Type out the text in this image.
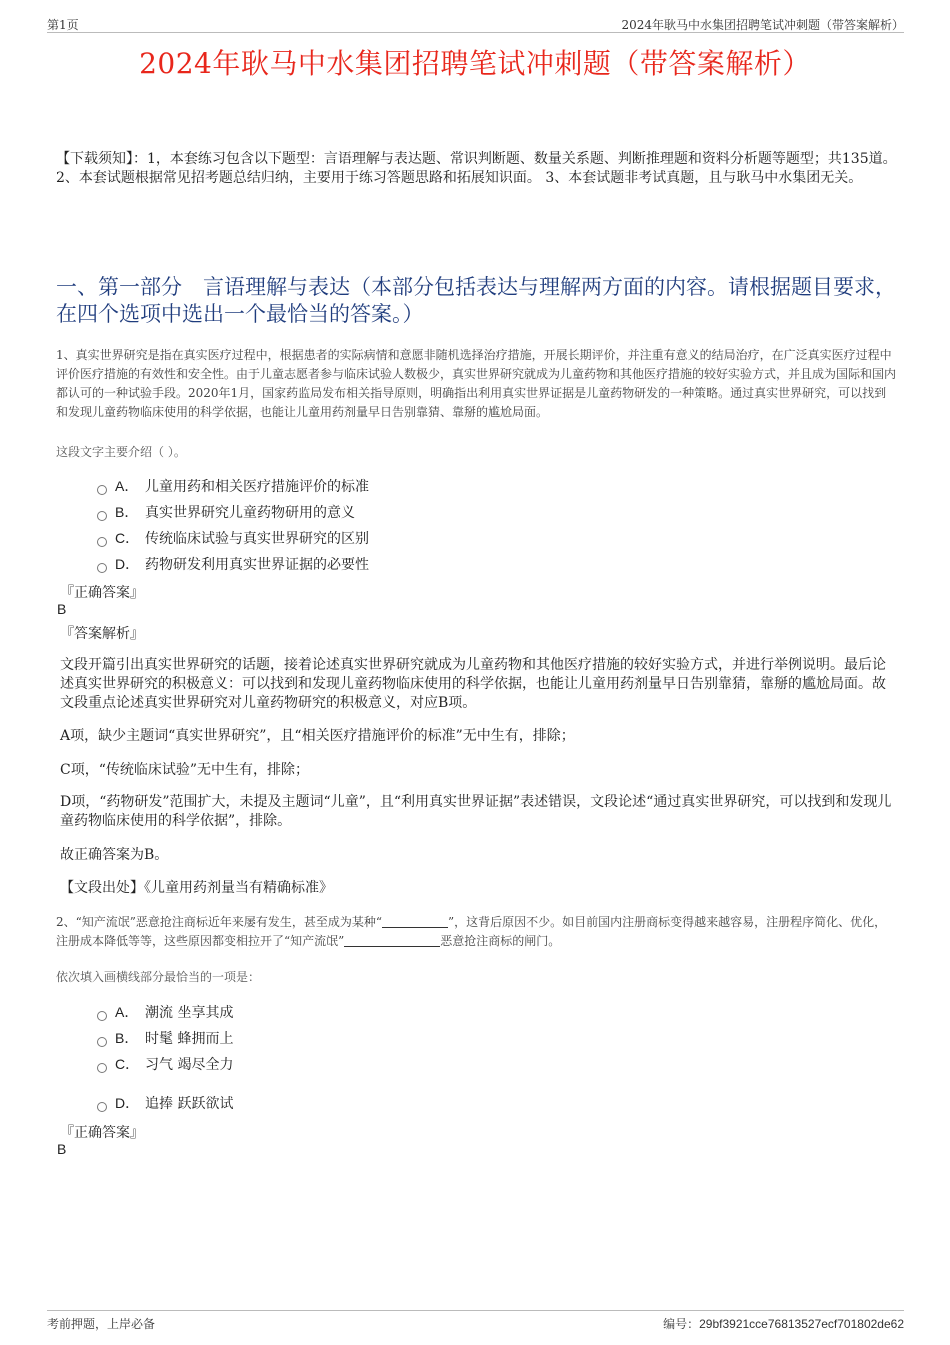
第1页	2024年耿马中水集团招聘笔试冲刺题（带答案解析）
2024年耿马中水集团招聘笔试冲刺题（带答案解析）
【下载须知】：1，本套练习包含以下题型：言语理解与表达题、常识判断题、数量关系题、判断推理题和资料分析题等题型；共135道。 2、本套试题根据常见招考题总结归纳，主要用于练习答题思路和拓展知识面。 3、本套试题非考试真题，且与耿马中水集团无关。
一、第一部分　言语理解与表达（本部分包括表达与理解两方面的内容。请根据题目要求，在四个选项中选出一个最恰当的答案。）
1、真实世界研究是指在真实医疗过程中，根据患者的实际病情和意愿非随机选择治疗措施，开展长期评价，并注重有意义的结局治疗，在广泛真实医疗过程中评价医疗措施的有效性和安全性。由于儿童志愿者参与临床试验人数极少，真实世界研究就成为儿童药物和其他医疗措施的较好实验方式，并且成为国际和国内都认可的一种试验手段。2020年1月，国家药监局发布相关指导原则，明确指出利用真实世界证据是儿童药物研发的一种策略。通过真实世界研究，可以找到和发现儿童药物临床使用的科学依据，也能让儿童用药剂量早日告别靠猜、靠掰的尴尬局面。
这段文字主要介绍（ ）。
A． 儿童用药和相关医疗措施评价的标准
B． 真实世界研究儿童药物研用的意义
C． 传统临床试验与真实世界研究的区别
D． 药物研发利用真实世界证据的必要性
『正确答案』
B
『答案解析』
文段开篇引出真实世界研究的话题，接着论述真实世界研究就成为儿童药物和其他医疗措施的较好实验方式，并进行举例说明。最后论述真实世界研究的积极意义：可以找到和发现儿童药物临床使用的科学依据，也能让儿童用药剂量早日告别靠猜，靠掰的尴尬局面。故文段重点论述真实世界研究对儿童药物研究的积极意义，对应B项。
A项，缺少主题词“真实世界研究”，且“相关医疗措施评价的标准”无中生有，排除；
C项，“传统临床试验”无中生有，排除；
D项，“药物研发”范围扩大，未提及主题词“儿童”，且“利用真实世界证据”表述错误，文段论述“通过真实世界研究，可以找到和发现儿童药物临床使用的科学依据”，排除。
故正确答案为B。
【文段出处】《儿童用药剂量当有精确标准》
2、“知产流氓”恶意抢注商标近年来屡有发生，甚至成为某种“	”，这背后原因不少。如目前国内注册商标变得越来越容易，注册程序简化、优化，注册成本降低等等，这些原因都变相拉开了“知产流氓”	恶意抢注商标的闸门。
依次填入画横线部分最恰当的一项是：
A． 潮流 坐享其成
B． 时髦 蜂拥而上
C． 习气 竭尽全力
D． 追捧 跃跃欲试
『正确答案』
B
考前押题，上岸必备	编号：29bf3921cce76813527ecf701802de62
